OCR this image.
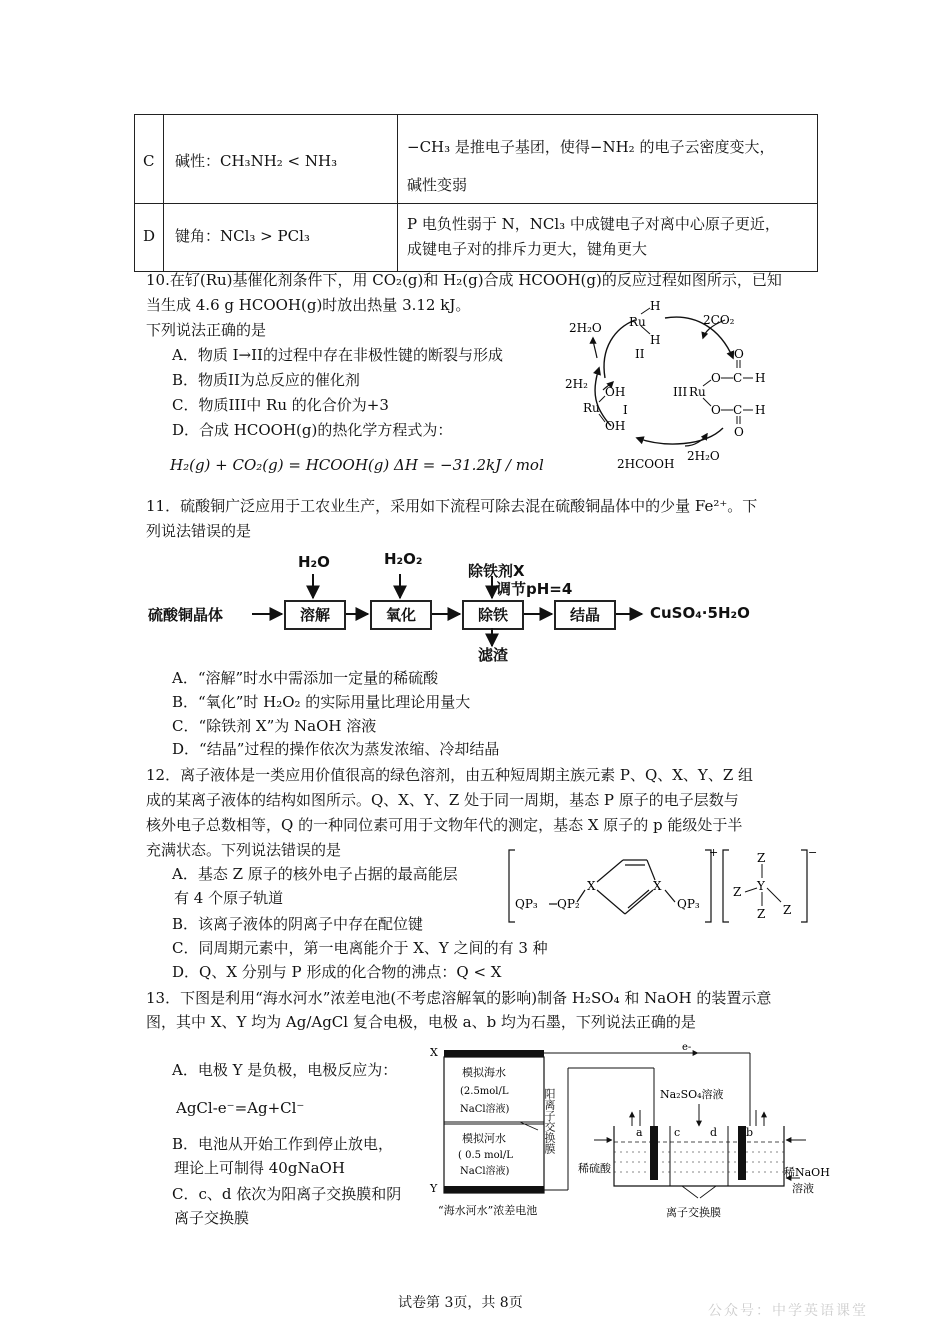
C 碱性：CH₃NH₂ < NH₃
−CH₃ 是推电子基团，使得−NH₂ 的电子云密度变大，
碱性变弱
D 键角：NCl₃ > PCl₃
P 电负性弱于 N，NCl₃ 中成键电子对离中心原子更近，
成键电子对的排斥力更大，键角更大
10.在钌(Ru)基催化剂条件下，用 CO₂(g)和 H₂(g)合成 HCOOH(g)的反应过程如图所示，已知
当生成 4.6 g HCOOH(g)时放出热量 3.12 kJ。
下列说法正确的是
A．物质 I→II的过程中存在非极性键的断裂与形成
B．物质II为总反应的催化剂
C．物质III中 Ru 的化合价为+3
D．合成 HCOOH(g)的热化学方程式为：
H₂(g) + CO₂(g) = HCOOH(g) ΔH = −31.2kJ / mol
2H₂O Ru
H
H
II
2CO₂
2H₂
OH
Ru I
OH
III Ru
O C H
O
O C H
O
2HCOOH
2H₂O
11．硫酸铜广泛应用于工农业生产，采用如下流程可除去混在硫酸铜晶体中的少量 Fe²⁺。下
列说法错误的是
硫酸铜晶体	溶解	氧化	除铁	结晶	CuSO₄·5H₂O
H₂O	H₂O₂
除铁剂X
调节pH=4
滤渣
A．“溶解”时水中需添加一定量的稀硫酸
B．“氧化”时 H₂O₂ 的实际用量比理论用量大
C．“除铁剂 X”为 NaOH 溶液
D．“结晶”过程的操作依次为蒸发浓缩、冷却结晶
12．离子液体是一类应用价值很高的绿色溶剂，由五种短周期主族元素 P、Q、X、Y、Z 组
成的某离子液体的结构如图所示。Q、X、Y、Z 处于同一周期，基态 P 原子的电子层数与
核外电子总数相等，Q 的一种同位素可用于文物年代的测定，基态 X 原子的 p 能级处于半
充满状态。下列说法错误的是
A．基态 Z 原子的核外电子占据的最高能层
有 4 个原子轨道
B．该离子液体的阴离子中存在配位键
C．同周期元素中，第一电离能介于 X、Y 之间的有 3 种
D．Q、X 分别与 P 形成的化合物的沸点：Q < X
QP₃ QP₂
X	X
QP₃
+	−
Z
Z Y
Z Z
13．下图是利用“海水河水”浓差电池(不考虑溶解氧的影响)制备 H₂SO₄ 和 NaOH 的装置示意
图，其中 X、Y 均为 Ag/AgCl 复合电极，电极 a、b 均为石墨，下列说法正确的是
A．电极 Y 是负极，电极反应为：
AgCl-e⁻=Ag+Cl⁻
B．电池从开始工作到停止放电，
理论上可制得 40gNaOH
C．c、d 依次为阳离子交换膜和阴
离子交换膜
X
Y
模拟海水
(2.5mol/L
NaCl溶液)
模拟河水
( 0.5 mol/L
NaCl溶液)
“海水河水”浓差电池
e-
Na₂SO₄溶液
a	c	d	b
稀硫酸	稀NaOH
溶液
离子交换膜
阳离子交换膜
试卷第 3页，共 8页	公众号：中学英语课堂
